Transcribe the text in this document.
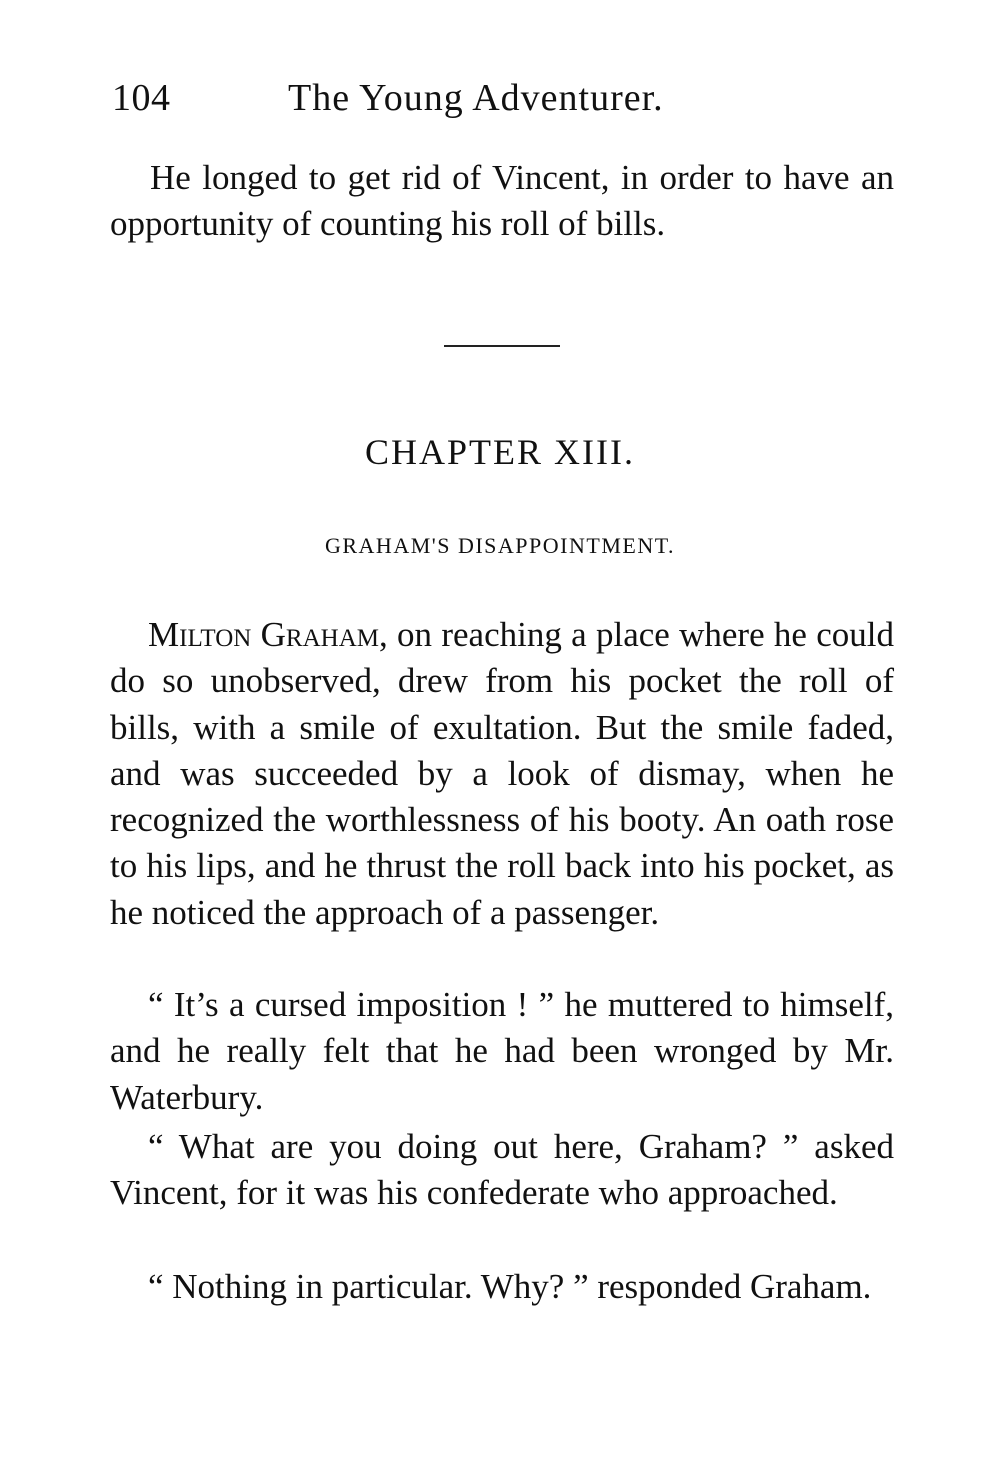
104	The Young Adventurer.

He longed to get rid of Vincent, in order to have an opportunity of counting his roll of bills.

CHAPTER XIII.
GRAHAM'S DISAPPOINTMENT.

Milton Graham, on reaching a place where he could do so unobserved, drew from his pocket the roll of bills, with a smile of exultation. But the smile faded, and was succeeded by a look of dismay, when he recognized the worthlessness of his booty. An oath rose to his lips, and he thrust the roll back into his pocket, as he noticed the approach of a passenger.

“ It’s a cursed imposition ! ” he muttered to himself, and he really felt that he had been wronged by Mr. Waterbury.

“ What are you doing out here, Graham? ” asked Vincent, for it was his confederate who approached.

“ Nothing in particular. Why? ” responded Graham.
